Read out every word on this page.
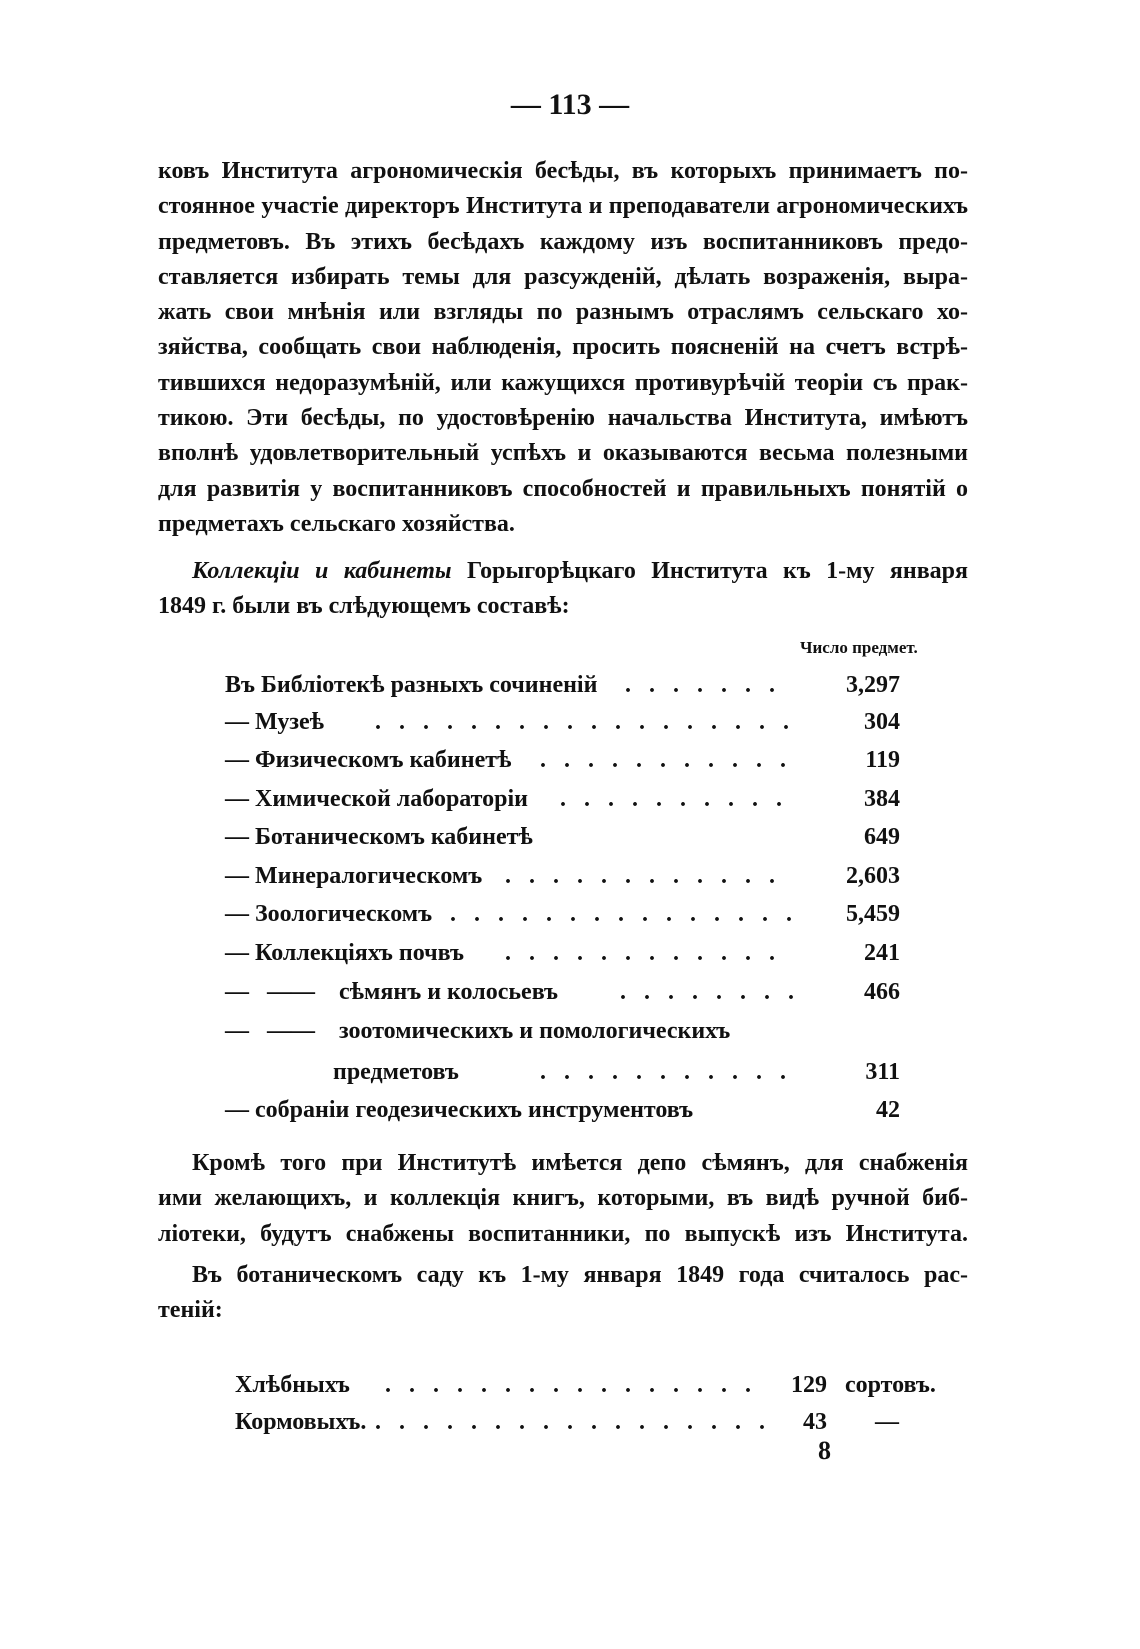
— 113 —
ковъ Института агрономическія бесѣды, въ которыхъ принимаетъ по-
стоянное участіе директоръ Института и преподаватели агрономическихъ
предметовъ. Въ этихъ бесѣдахъ каждому изъ воспитанниковъ предо-
ставляется избирать темы для разсужденій, дѣлать возраженія, выра-
жать свои мнѣнія или взгляды по разнымъ отраслямъ сельскаго хо-
зяйства, сообщать свои наблюденія, просить поясненій на счетъ встрѣ-
тившихся недоразумѣній, или кажущихся противурѣчій теоріи съ прак-
тикою. Эти бесѣды, по удостовѣренію начальства Института, имѣютъ
вполнѣ удовлетворительный успѣхъ и оказываются весьма полезными
для развитія у воспитанниковъ способностей и правильныхъ понятій о
предметахъ сельскаго хозяйства.
Коллекціи и кабинеты Горыгорѣцкаго Института къ 1-му января
1849 г. были въ слѣдующемъ составѣ:
Число предмет.
Въ Библіотекѣ разныхъ сочиненій ....... 3,297
— Музеѣ .................. 304
— Физическомъ кабинетѣ ...........	119
— Химической лабораторіи ..........	384
— Ботаническомъ кабинетѣ	649
— Минералогическомъ ............ 2,603
— Зоологическомъ ............... 5,459
— Коллекціяхъ почвъ ............	241
—   ——    сѣмянъ и колосьевъ	........ 466
—   ——    зоотомическихъ и помологическихъ
предметовъ	...........	311
— собраніи геодезическихъ инструментовъ	42
Кромѣ того при Институтѣ имѣется депо сѣмянъ, для снабженія
ими желающихъ, и коллекція книгъ, которыми, въ видѣ ручной биб-
ліотеки, будутъ снабжены воспитанники, по выпускѣ изъ Института.
Въ ботаническомъ саду къ 1-му января 1849 года считалось рас-
теній:
Хлѣбныхъ ................ 129 сортовъ.
Кормовыхъ. ................. 43 —
8
